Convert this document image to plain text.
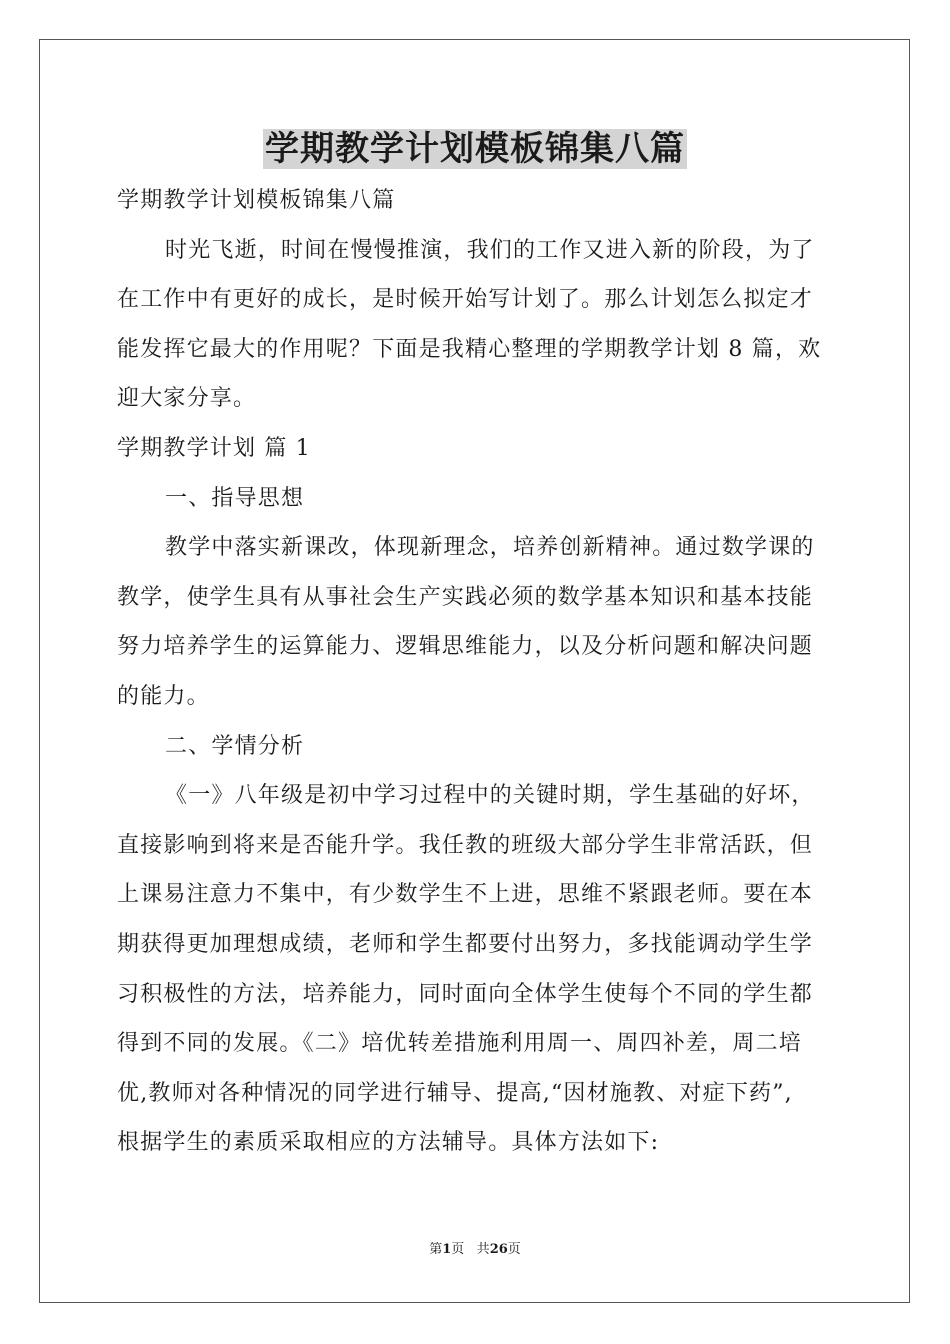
学期教学计划模板锦集八篇
学期教学计划模板锦集八篇
时光飞逝，时间在慢慢推演，我们的工作又进入新的阶段，为了
在工作中有更好的成长，是时候开始写计划了。那么计划怎么拟定才
能发挥它最大的作用呢？下面是我精心整理的学期教学计划 8 篇，欢
迎大家分享。
学期教学计划 篇 1
一、指导思想
教学中落实新课改，体现新理念，培养创新精神。通过数学课的
教学，使学生具有从事社会生产实践必须的数学基本知识和基本技能
努力培养学生的运算能力、逻辑思维能力，以及分析问题和解决问题
的能力。
二、学情分析
《一》八年级是初中学习过程中的关键时期，学生基础的好坏，
直接影响到将来是否能升学。我任教的班级大部分学生非常活跃，但
上课易注意力不集中，有少数学生不上进，思维不紧跟老师。要在本
期获得更加理想成绩，老师和学生都要付出努力，多找能调动学生学
习积极性的方法，培养能力，同时面向全体学生使每个不同的学生都
得到不同的发展。《二》培优转差措施利用周一、周四补差，周二培
优,教师对各种情况的同学进行辅导、提高,“因材施教、对症下药”,
根据学生的素质采取相应的方法辅导。具体方法如下:
第1页 共26页
